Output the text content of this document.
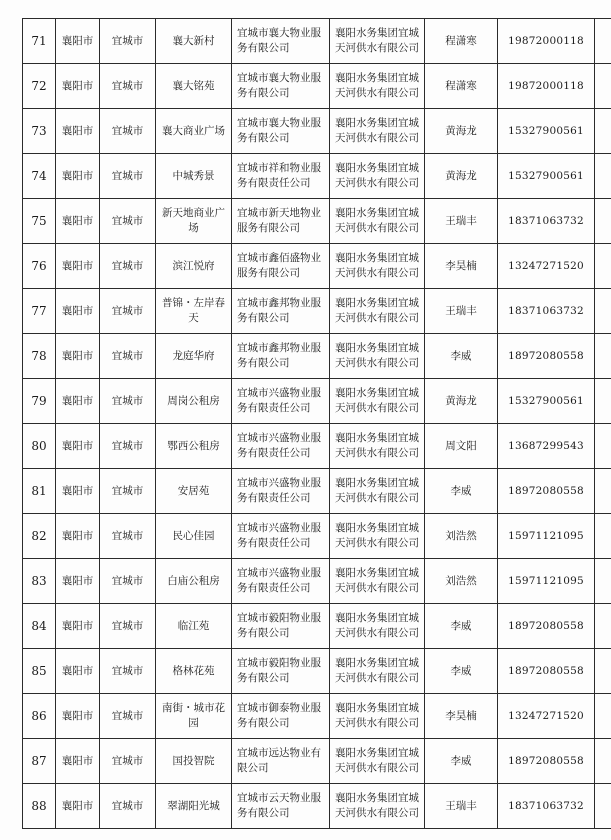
71	襄阳市	宜城市	襄大新村	宜城市襄大物业服务有限公司	襄阳水务集团宜城天河供水有限公司	程潇寒	19872000118	
72	襄阳市	宜城市	襄大铭苑	宜城市襄大物业服务有限公司	襄阳水务集团宜城天河供水有限公司	程潇寒	19872000118	
73	襄阳市	宜城市	襄大商业广场	宜城市襄大物业服务有限公司	襄阳水务集团宜城天河供水有限公司	黄海龙	15327900561	
74	襄阳市	宜城市	中城秀景	宜城市祥和物业服务有限责任公司	襄阳水务集团宜城天河供水有限公司	黄海龙	15327900561	
75	襄阳市	宜城市	新天地商业广场	宜城市新天地物业服务有限公司	襄阳水务集团宜城天河供水有限公司	王瑞丰	18371063732	
76	襄阳市	宜城市	滨江悦府	宜城市鑫佰盛物业服务有限公司	襄阳水务集团宜城天河供水有限公司	李昊楠	13247271520	
77	襄阳市	宜城市	普锦・左岸春天	宜城市鑫邦物业服务有限公司	襄阳水务集团宜城天河供水有限公司	王瑞丰	18371063732	
78	襄阳市	宜城市	龙庭华府	宜城市鑫邦物业服务有限公司	襄阳水务集团宜城天河供水有限公司	李威	18972080558	
79	襄阳市	宜城市	周岗公租房	宜城市兴盛物业服务有限责任公司	襄阳水务集团宜城天河供水有限公司	黄海龙	15327900561	
80	襄阳市	宜城市	鄂西公租房	宜城市兴盛物业服务有限责任公司	襄阳水务集团宜城天河供水有限公司	周文阳	13687299543	
81	襄阳市	宜城市	安居苑	宜城市兴盛物业服务有限责任公司	襄阳水务集团宜城天河供水有限公司	李威	18972080558	
82	襄阳市	宜城市	民心佳园	宜城市兴盛物业服务有限责任公司	襄阳水务集团宜城天河供水有限公司	刘浩然	15971121095	
83	襄阳市	宜城市	白庙公租房	宜城市兴盛物业服务有限责任公司	襄阳水务集团宜城天河供水有限公司	刘浩然	15971121095	
84	襄阳市	宜城市	临江苑	宜城市毅阳物业服务有限公司	襄阳水务集团宜城天河供水有限公司	李威	18972080558	
85	襄阳市	宜城市	格林花苑	宜城市毅阳物业服务有限公司	襄阳水务集团宜城天河供水有限公司	李威	18972080558	
86	襄阳市	宜城市	南街・城市花园	宜城市御泰物业服务有限公司	襄阳水务集团宜城天河供水有限公司	李昊楠	13247271520	
87	襄阳市	宜城市	国投智院	宜城市远达物业有限公司	襄阳水务集团宜城天河供水有限公司	李威	18972080558	
88	襄阳市	宜城市	翠湖阳光城	宜城市云天物业服务有限公司	襄阳水务集团宜城天河供水有限公司	王瑞丰	18371063732	
